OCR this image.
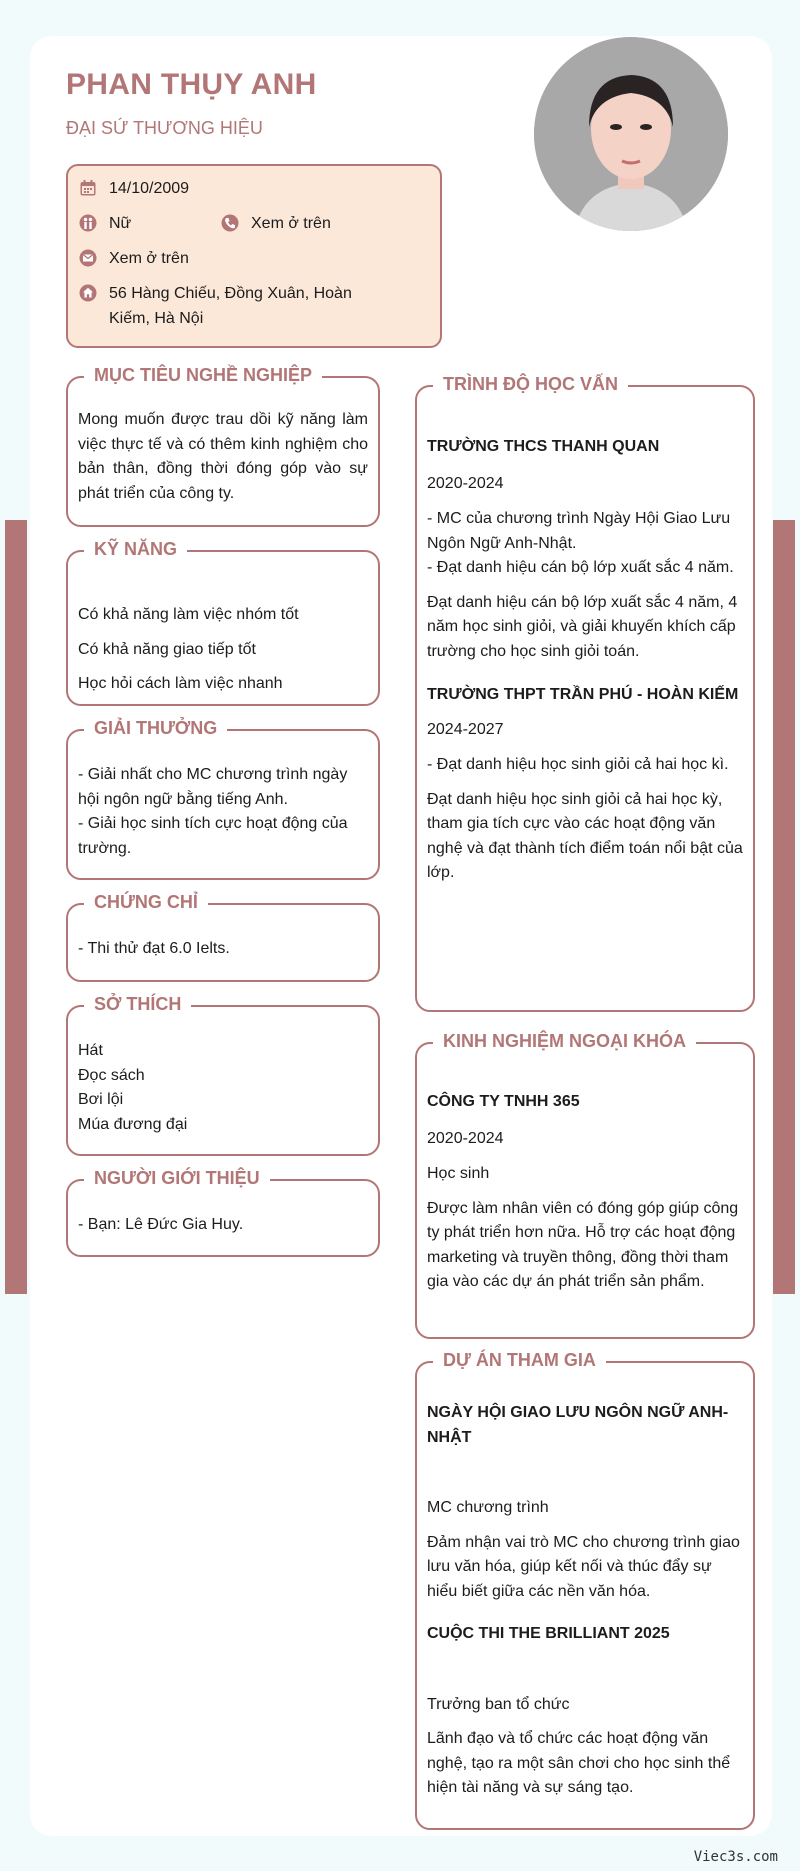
PHAN THỤY ANH
ĐẠI SỨ THƯƠNG HIỆU
14/10/2009
Nữ	Xem ở trên
Xem ở trên
56 Hàng Chiếu, Đồng Xuân, Hoàn Kiếm, Hà Nội
MỤC TIÊU NGHỀ NGHIỆP
Mong muốn được trau dồi kỹ năng làm việc thực tế và có thêm kinh nghiệm cho bản thân, đồng thời đóng góp vào sự phát triển của công ty.
KỸ NĂNG
Có khả năng làm việc nhóm tốt
Có khả năng giao tiếp tốt
Học hỏi cách làm việc nhanh
GIẢI THƯỞNG
- Giải nhất cho MC chương trình ngày hội ngôn ngữ bằng tiếng Anh.
- Giải học sinh tích cực hoạt động của trường.
CHỨNG CHỈ
- Thi thử đạt 6.0 Ielts.
SỞ THÍCH
Hát
Đọc sách
Bơi lội
Múa đương đại
NGƯỜI GIỚI THIỆU
- Bạn: Lê Đức Gia Huy.
TRÌNH ĐỘ HỌC VẤN
TRƯỜNG THCS THANH QUAN
2020-2024
- MC của chương trình Ngày Hội Giao Lưu Ngôn Ngữ Anh-Nhật.
- Đạt danh hiệu cán bộ lớp xuất sắc 4 năm.
Đạt danh hiệu cán bộ lớp xuất sắc 4 năm, 4 năm học sinh giỏi, và giải khuyến khích cấp trường cho học sinh giỏi toán.
TRƯỜNG THPT TRẦN PHÚ - HOÀN KIẾM
2024-2027
- Đạt danh hiệu học sinh giỏi cả hai học kì.
Đạt danh hiệu học sinh giỏi cả hai học kỳ, tham gia tích cực vào các hoạt động văn nghệ và đạt thành tích điểm toán nổi bật của lớp.
KINH NGHIỆM NGOẠI KHÓA
CÔNG TY TNHH 365
2020-2024
Học sinh
Được làm nhân viên có đóng góp giúp công ty phát triển hơn nữa. Hỗ trợ các hoạt động marketing và truyền thông, đồng thời tham gia vào các dự án phát triển sản phẩm.
DỰ ÁN THAM GIA
NGÀY HỘI GIAO LƯU NGÔN NGỮ ANH-NHẬT
MC chương trình
Đảm nhận vai trò MC cho chương trình giao lưu văn hóa, giúp kết nối và thúc đẩy sự hiểu biết giữa các nền văn hóa.
CUỘC THI THE BRILLIANT 2025
Trưởng ban tổ chức
Lãnh đạo và tổ chức các hoạt động văn nghệ, tạo ra một sân chơi cho học sinh thể hiện tài năng và sự sáng tạo.
Viec3s.com
